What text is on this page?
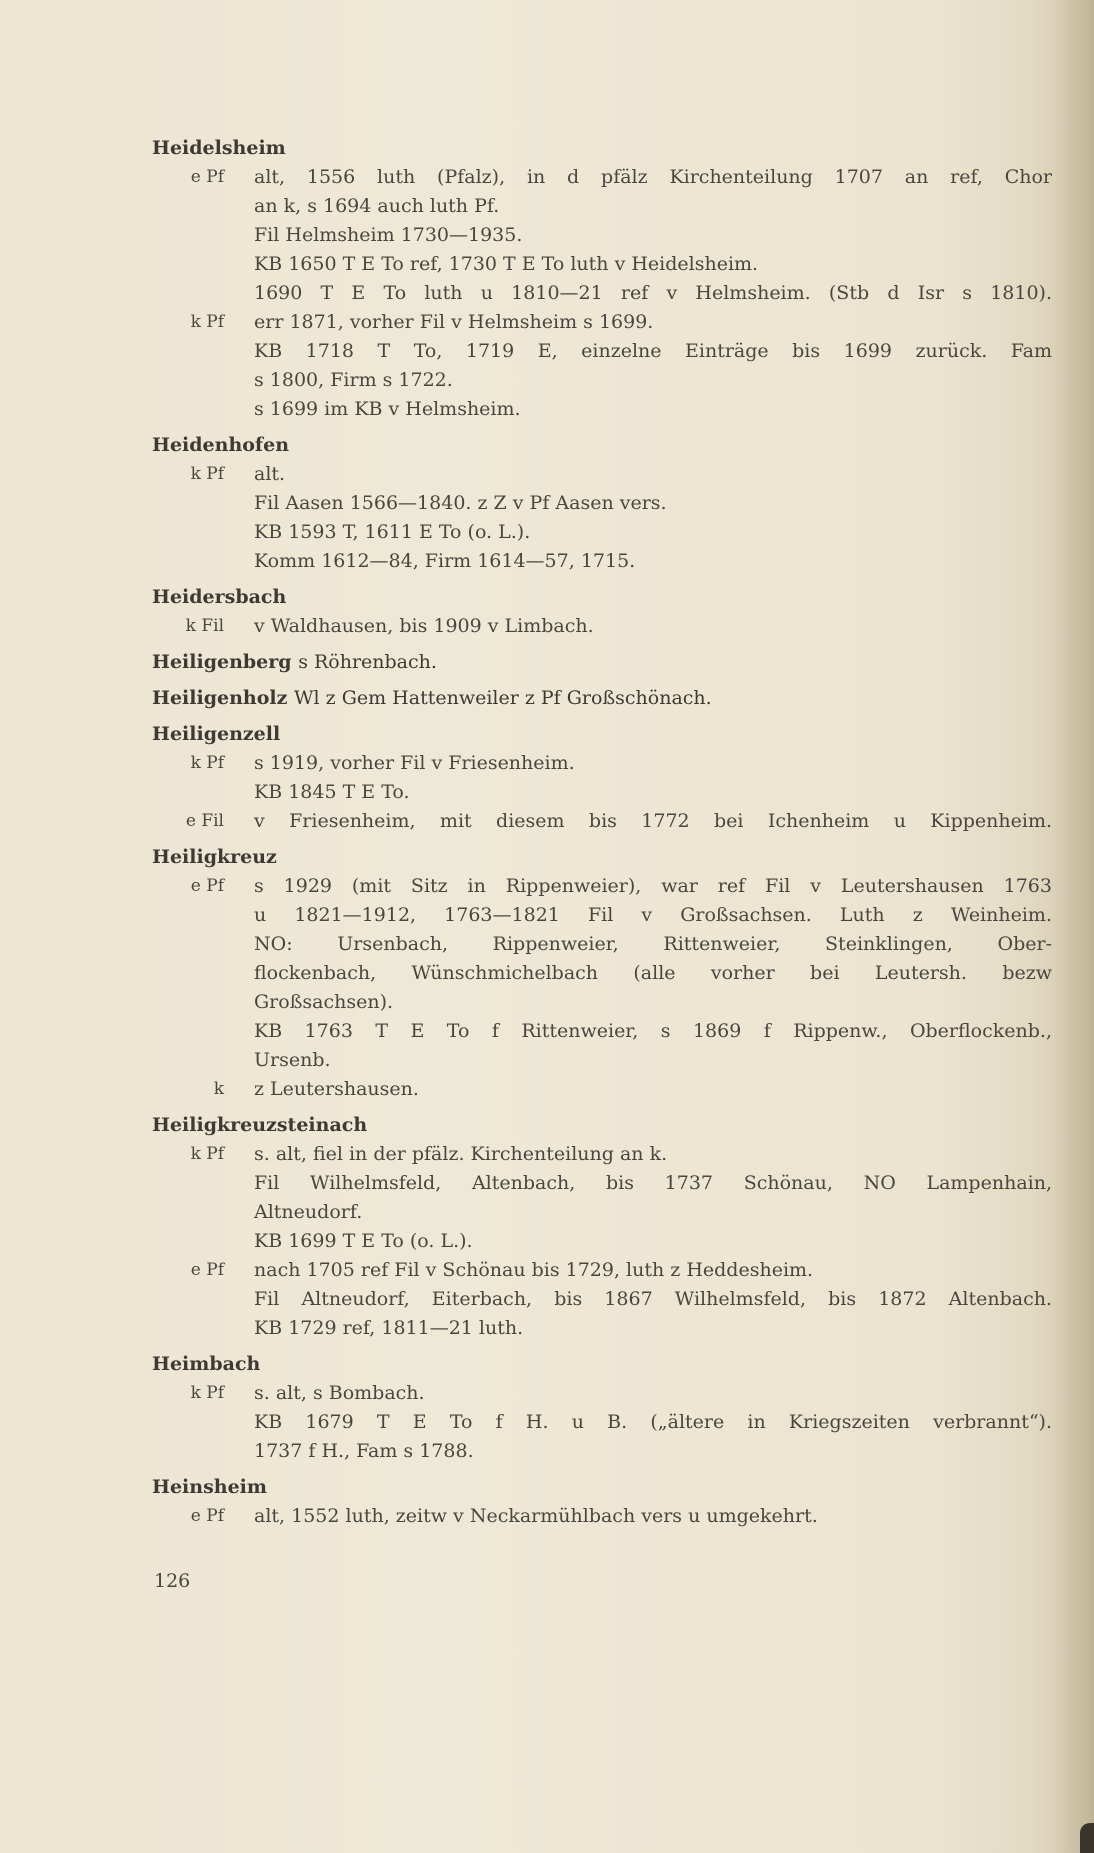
Heidelsheim
e Pf	alt, 1556 luth (Pfalz), in d pfälz Kirchenteilung 1707 an ref, Chor
an k, s 1694 auch luth Pf.
Fil Helmsheim 1730—1935.
KB 1650 T E To ref, 1730 T E To luth v Heidelsheim.
1690 T E To luth u 1810—21 ref v Helmsheim. (Stb d Isr s 1810).
k Pf	err 1871, vorher Fil v Helmsheim s 1699.
KB 1718 T To, 1719 E, einzelne Einträge bis 1699 zurück. Fam
s 1800, Firm s 1722.
s 1699 im KB v Helmsheim.
Heidenhofen
k Pf	alt.
Fil Aasen 1566—1840. z Z v Pf Aasen vers.
KB 1593 T, 1611 E To (o. L.).
Komm 1612—84, Firm 1614—57, 1715.
Heidersbach
k Fil	v Waldhausen, bis 1909 v Limbach.
Heiligenberg s Röhrenbach.
Heiligenholz Wl z Gem Hattenweiler z Pf Großschönach.
Heiligenzell
k Pf	s 1919, vorher Fil v Friesenheim.
KB 1845 T E To.
e Fil	v Friesenheim, mit diesem bis 1772 bei Ichenheim u Kippenheim.
Heiligkreuz
e Pf	s 1929 (mit Sitz in Rippenweier), war ref Fil v Leutershausen 1763
u 1821—1912, 1763—1821 Fil v Großsachsen. Luth z Weinheim.
NO: Ursenbach, Rippenweier, Rittenweier, Steinklingen, Ober-
flockenbach, Wünschmichelbach (alle vorher bei Leutersh. bezw
Großsachsen).
KB 1763 T E To f Rittenweier, s 1869 f Rippenw., Oberflockenb.,
Ursenb.
k	z Leutershausen.
Heiligkreuzsteinach
k Pf	s. alt, fiel in der pfälz. Kirchenteilung an k.
Fil Wilhelmsfeld, Altenbach, bis 1737 Schönau, NO Lampenhain,
Altneudorf.
KB 1699 T E To (o. L.).
e Pf	nach 1705 ref Fil v Schönau bis 1729, luth z Heddesheim.
Fil Altneudorf, Eiterbach, bis 1867 Wilhelmsfeld, bis 1872 Altenbach.
KB 1729 ref, 1811—21 luth.
Heimbach
k Pf	s. alt, s Bombach.
KB 1679 T E To f H. u B. („ältere in Kriegszeiten verbrannt“).
1737 f H., Fam s 1788.
Heinsheim
e Pf	alt, 1552 luth, zeitw v Neckarmühlbach vers u umgekehrt.
126
